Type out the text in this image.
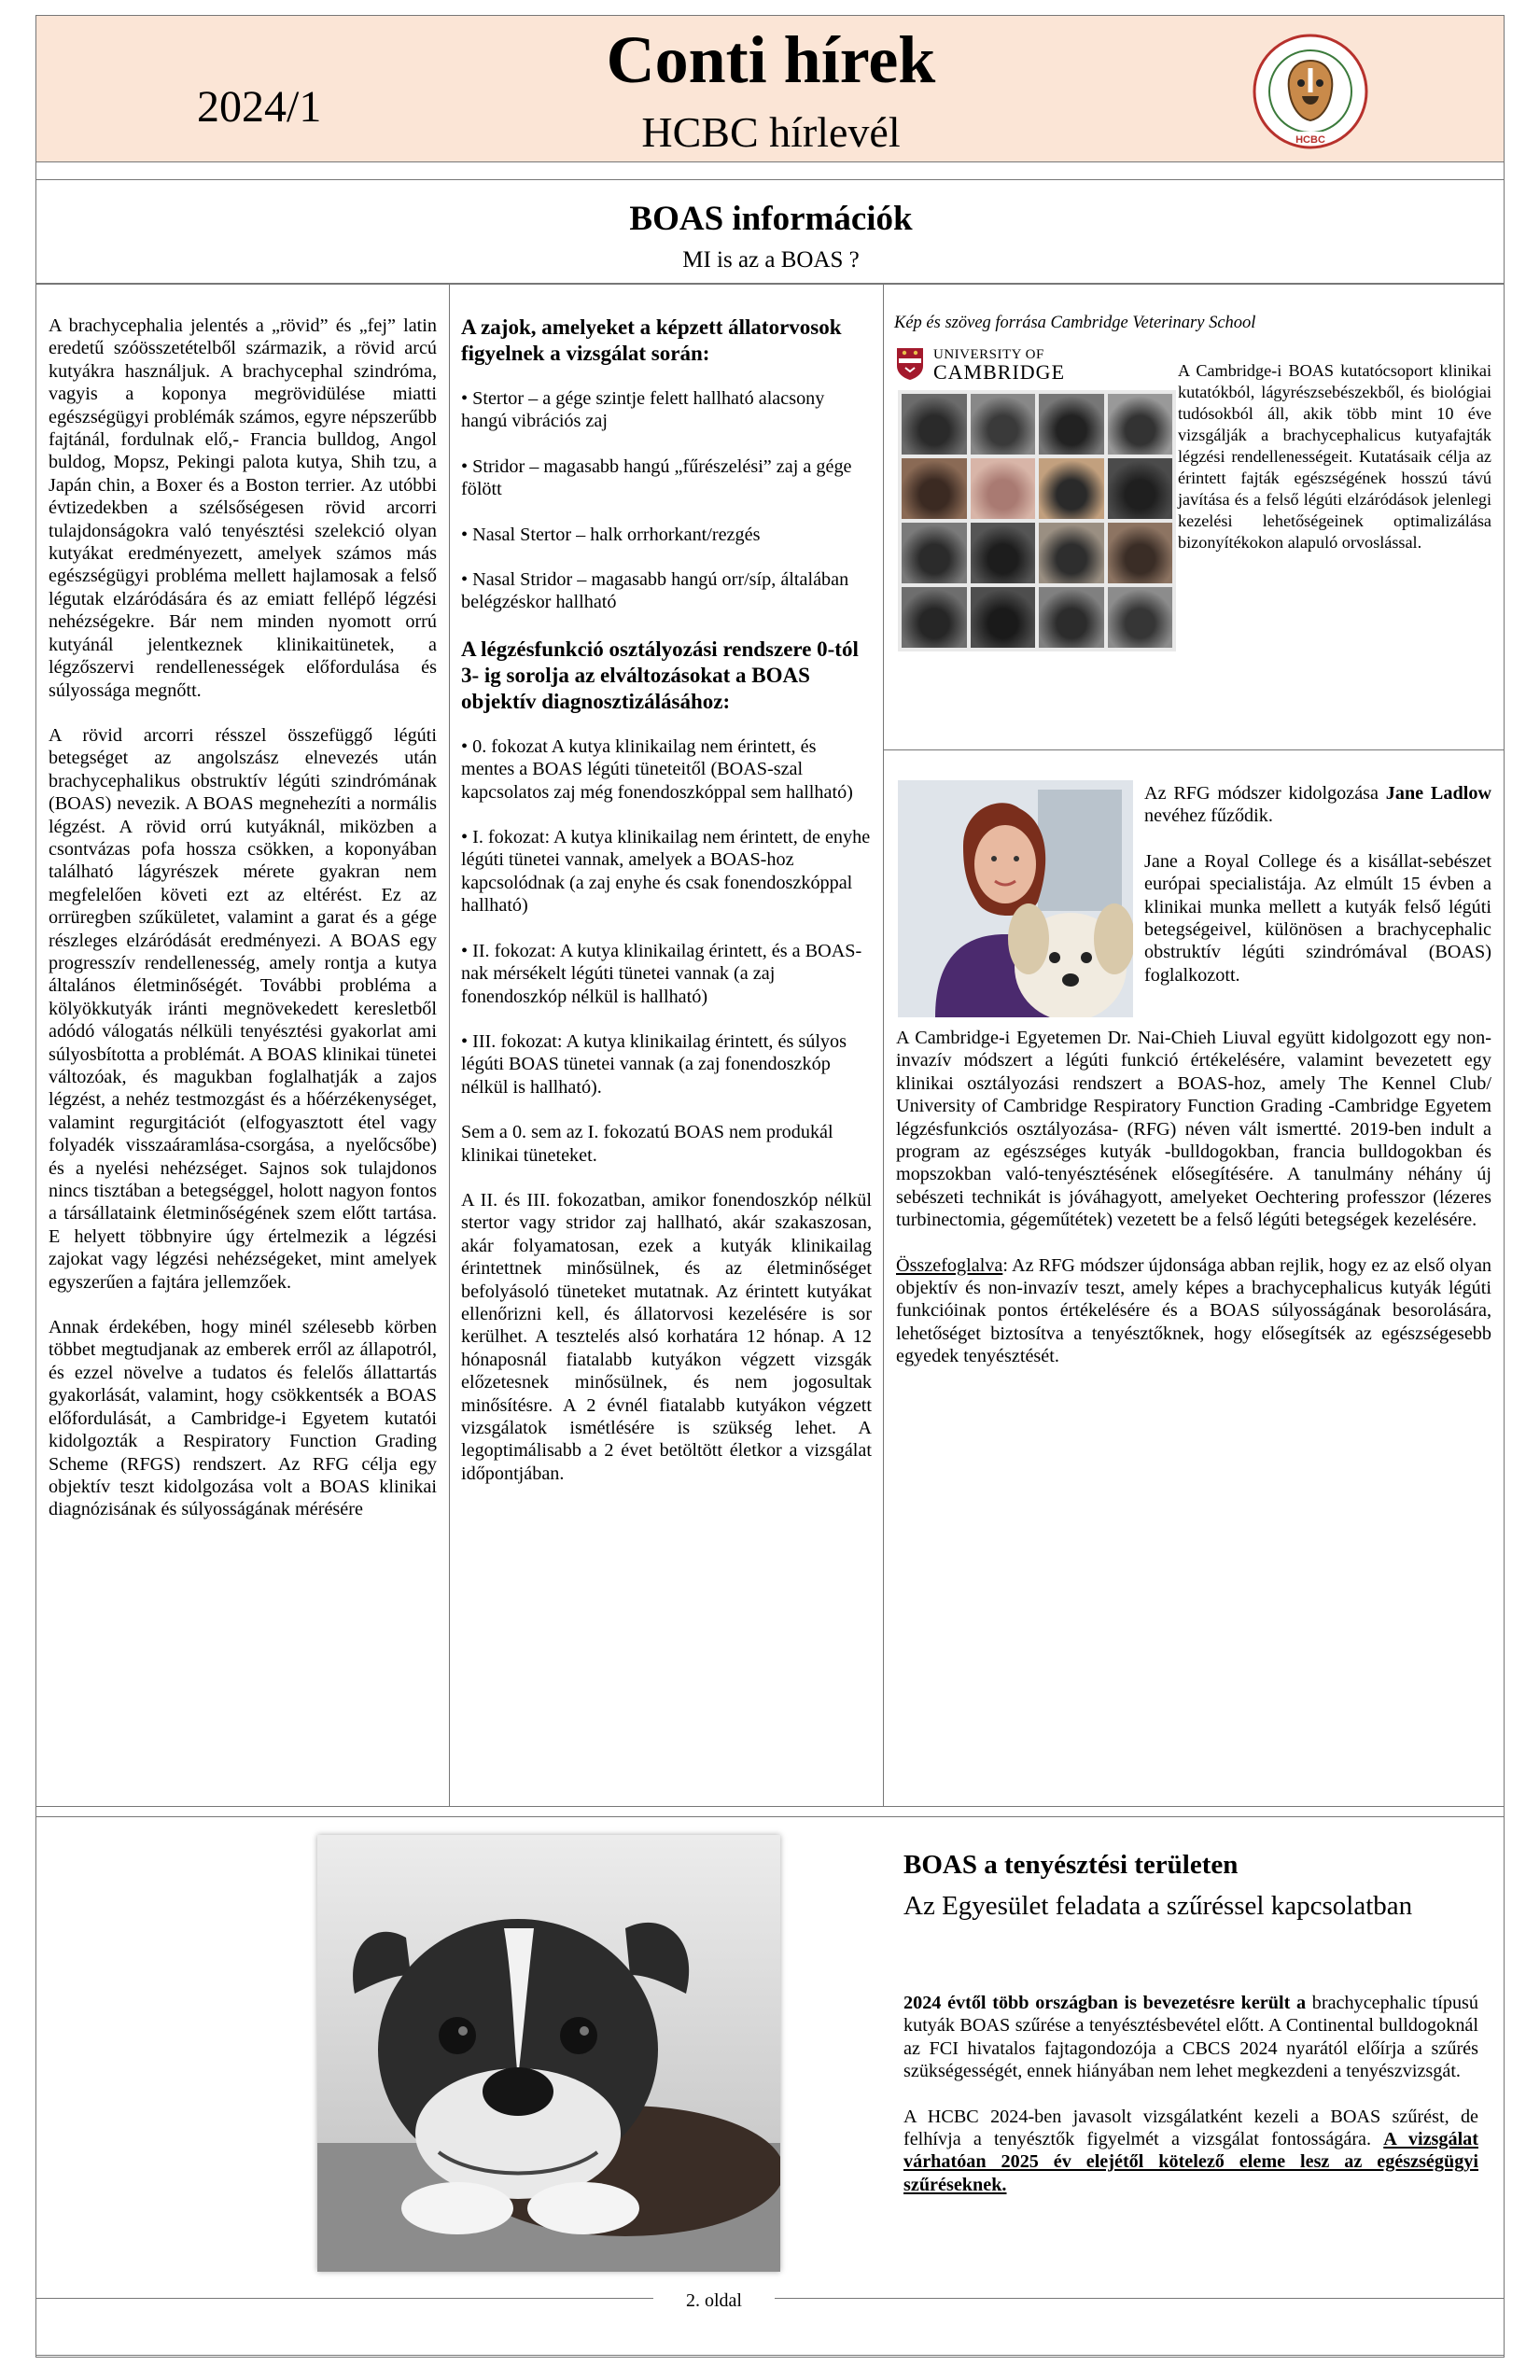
2024/1
Conti hírek
HCBC hírlevél	HCBC
BOAS információk
MI is az a BOAS ?

A brachycephalia jelentés a „rövid” és „fej” latin eredetű szóösszetételből származik, a rövid arcú kutyákra használjuk. A brachycephal szindróma, vagyis a koponya megrövidülése miatti egészségügyi problémák számos, egyre népszerűbb fajtánál, fordulnak elő,- Francia bulldog, Angol buldog, Mopsz, Pekingi palota kutya, Shih tzu, a Japán chin, a Boxer és a Boston terrier. Az utóbbi évtizedekben a szélsőségesen rövid arcorri tulajdonságokra való tenyésztési szelekció olyan kutyákat eredményezett, amelyek számos más egészségügyi probléma mellett hajlamosak a felső légutak elzáródására és az emiatt fellépő légzési nehézségekre. Bár nem minden nyomott orrú kutyánál jelentkeznek klinikaitünetek, a légzőszervi rendellenességek előfordulása és súlyossága megnőtt.

A rövid arcorri résszel összefüggő légúti betegséget az angolszász elnevezés után brachycephalikus obstruktív légúti szindrómának (BOAS) nevezik. A BOAS megnehezíti a normális légzést. A rövid orrú kutyáknál, miközben a csontvázas pofa hossza csökken, a koponyában található lágyrészek mérete gyakran nem megfelelően követi ezt az eltérést. Ez az orrüregben szűkületet, valamint a garat és a gége részleges elzáródását eredményezi. A BOAS egy progresszív rendellenesség, amely rontja a kutya általános életminőségét. További probléma a kölyökkutyák iránti megnövekedett keresletből adódó válogatás nélküli tenyésztési gyakorlat ami súlyosbította a problémát. A BOAS klinikai tünetei változóak, és magukban foglalhatják a zajos légzést, a nehéz testmozgást és a hőérzékenységet, valamint regurgitációt (elfogyasztott étel vagy folyadék visszaáramlása-csorgása, a nyelőcsőbe) és a nyelési nehézséget. Sajnos sok tulajdonos nincs tisztában a betegséggel, holott nagyon fontos a társállataink életminőségének szem előtt tartása. E helyett többnyire úgy értelmezik a légzési zajokat vagy légzési nehézségeket, mint amelyek egyszerűen a fajtára jellemzőek.

Annak érdekében, hogy minél szélesebb körben többet megtudjanak az emberek erről az állapotról, és ezzel növelve a tudatos és felelős állattartás gyakorlását, valamint, hogy csökkentsék a BOAS előfordulását, a Cambridge-i Egyetem kutatói kidolgozták a Respiratory Function Grading Scheme (RFGS) rendszert. Az RFG célja egy objektív teszt kidolgozása volt a BOAS klinikai diagnózisának és súlyosságának mérésére

A zajok, amelyeket a képzett állatorvosok figyelnek a vizsgálat során:

• Stertor – a gége szintje felett hallható alacsony hangú vibrációs zaj

• Stridor – magasabb hangú „fűrészelési” zaj a gége fölött

• Nasal Stertor – halk orrhorkant/rezgés

• Nasal Stridor – magasabb hangú orr/síp, általában belégzéskor hallható

A légzésfunkció osztályozási rendszere 0-tól 3- ig sorolja az elváltozásokat a BOAS objektív diagnosztizálásához:

• 0. fokozat A kutya klinikailag nem érintett, és mentes a BOAS légúti tüneteitől (BOAS-szal kapcsolatos zaj még fonendoszkóppal sem hallható)

• I. fokozat: A kutya klinikailag nem érintett, de enyhe légúti tünetei vannak, amelyek a BOAS-hoz kapcsolódnak (a zaj enyhe és csak fonendoszkóppal hallható)

• II. fokozat: A kutya klinikailag érintett, és a BOAS-nak mérsékelt légúti tünetei vannak (a zaj fonendoszkóp nélkül is hallható)

• III. fokozat: A kutya klinikailag érintett, és súlyos légúti BOAS tünetei vannak (a zaj fonendoszkóp nélkül is hallható).

Sem a 0. sem az I. fokozatú BOAS nem produkál klinikai tüneteket.

A II. és III. fokozatban, amikor fonendoszkóp nélkül stertor vagy stridor zaj hallható, akár szakaszosan, akár folyamatosan, ezek a kutyák klinikailag érintettnek minősülnek, és az életminőséget befolyásoló tüneteket mutatnak. Az érintett kutyákat ellenőrizni kell, és állatorvosi kezelésére is sor kerülhet. A tesztelés alsó korhatára 12 hónap. A 12 hónaposnál fiatalabb kutyákon végzett vizsgák előzetesnek minősülnek, és nem jogosultak minősítésre. A 2 évnél fiatalabb kutyákon végzett vizsgálatok ismétlésére is szükség lehet. A legoptimálisabb a 2 évet betöltött életkor a vizsgálat időpontjában.

Kép és szöveg forrása Cambridge Veterinary School
UNIVERSITY OF
CAMBRIDGE	A Cambridge-i BOAS kutatócsoport klinikai kutatókból, lágyrészsebészekből, és biológiai tudósokból áll, akik több mint 10 éve vizsgálják a brachycephalicus kutyafajták légzési rendellenességeit. Kutatásaik célja az érintett fajták egészségének hosszú távú javítása és a felső légúti elzáródások jelenlegi kezelési lehetőségeinek optimalizálása bizonyítékokon alapuló orvoslással.
Az RFG módszer kidolgozása Jane Ladlow nevéhez fűződik.
Jane a Royal College és a kisállat-sebészet európai specialistája. Az elmúlt 15 évben a klinikai munka mellett a kutyák felső légúti betegségeivel, különösen a brachycephalic obstruktív légúti szindrómával (BOAS) foglalkozott.

A Cambridge-i Egyetemen Dr. Nai-Chieh Liuval együtt kidolgozott egy non-invazív módszert a légúti funkció értékelésére, valamint bevezetett egy klinikai osztályozási rendszert a BOAS-hoz, amely The Kennel Club/ University of Cambridge Respiratory Function Grading -Cambridge Egyetem légzésfunkciós osztályozása- (RFG) néven vált ismertté. 2019-ben indult a program az egészséges kutyák -bulldogokban, francia bulldogokban és mopszokban való-tenyésztésének elősegítésére. A tanulmány néhány új sebészeti technikát is jóváhagyott, amelyeket Oechtering professzor (lézeres turbinectomia, gégeműtétek) vezetett be a felső légúti betegségek kezelésére.

Összefoglalva: Az RFG módszer újdonsága abban rejlik, hogy ez az első olyan objektív és non-invazív teszt, amely képes a brachycephalicus kutyák légúti funkcióinak pontos értékelésére és a BOAS súlyosságának besorolására, lehetőséget biztosítva a tenyésztőknek, hogy elősegítsék az egészségesebb egyedek tenyésztését.

BOAS a tenyésztési területen
Az Egyesület feladata a szűréssel kapcsolatban

2024 évtől több országban is bevezetésre került a brachycephalic típusú kutyák BOAS szűrése a tenyésztésbevétel előtt. A Continental bulldogoknál az FCI hivatalos fajtagondozója a CBCS 2024 nyarától előírja a szűrés szükségességét, ennek hiányában nem lehet megkezdeni a tenyészvizsgát.

A HCBC 2024-ben javasolt vizsgálatként kezeli a BOAS szűrést, de felhívja a tenyésztők figyelmét a vizsgálat fontosságára. A vizsgálat várhatóan 2025 év elejétől kötelező eleme lesz az egészségügyi szűréseknek.

2. oldal
